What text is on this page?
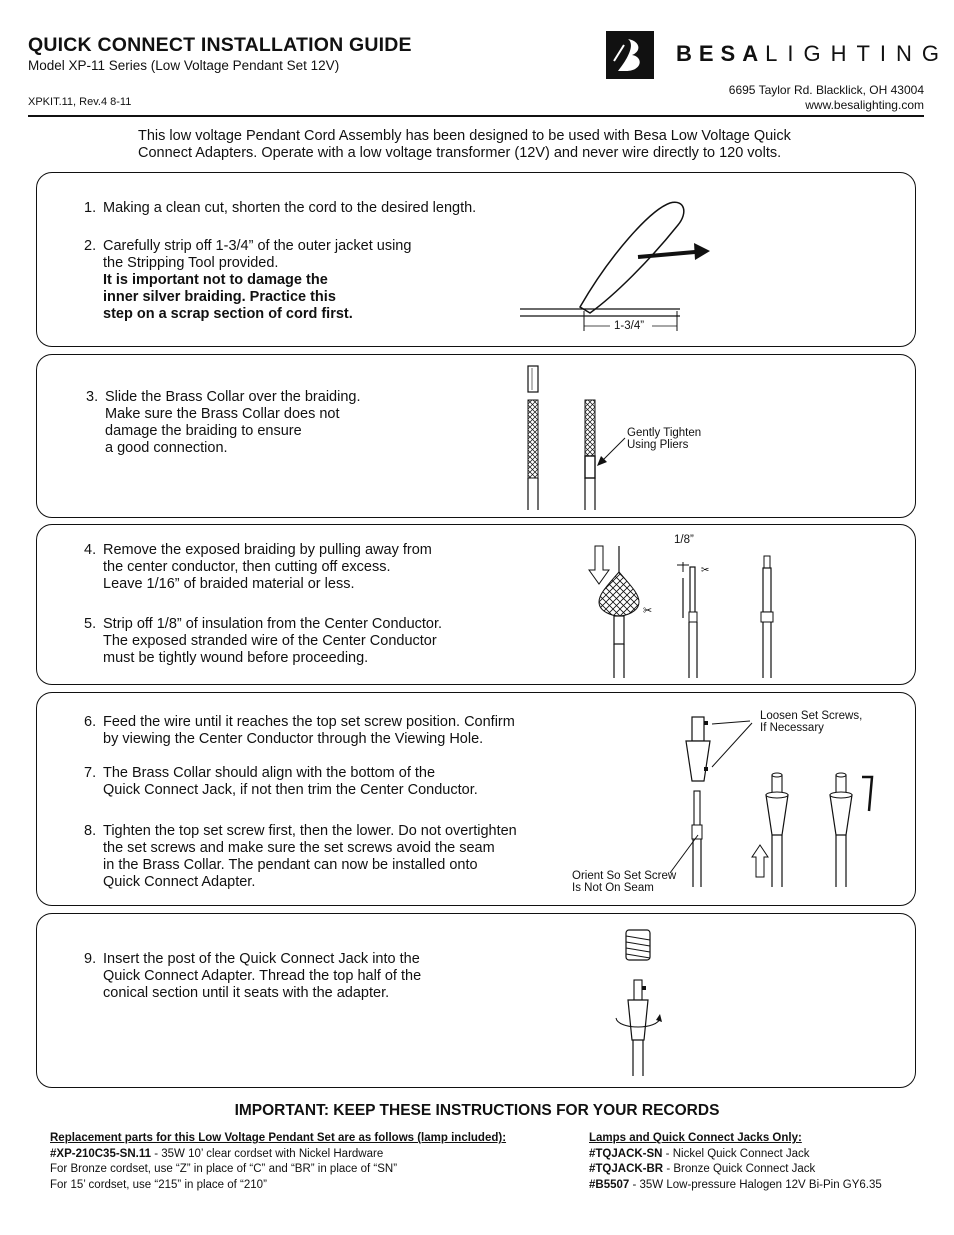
QUICK CONNECT INSTALLATION GUIDE
Model XP-11 Series (Low Voltage Pendant Set 12V)
XPKIT.11, Rev.4 8-11
BESALIGHTING
6695 Taylor Rd. Blacklick, OH 43004
www.besalighting.com
This low voltage Pendant Cord Assembly has been designed to be used with Besa Low Voltage Quick
Connect Adapters. Operate with a low voltage transformer (12V) and never wire directly to 120 volts.
1. Making a clean cut, shorten the cord to the desired length.
2. Carefully strip off 1-3/4” of the outer jacket using
the Stripping Tool provided.
It is important not to damage the
inner silver braiding. Practice this
step on a scrap section of cord first.
1-3/4”
3. Slide the Brass Collar over the braiding.
Make sure the Brass Collar does not
damage the braiding to ensure
a good connection.
Gently Tighten
Using Pliers
4. Remove the exposed braiding by pulling away from
the center conductor, then cutting off excess.
Leave 1/16” of braided material or less.
5. Strip off 1/8” of insulation from the Center Conductor.
The exposed stranded wire of the Center Conductor
must be tightly wound before proceeding.
✂
✂
1/8”
6. Feed the wire until it reaches the top set screw position. Confirm
by viewing the Center Conductor through the Viewing Hole.
7. The Brass Collar should align with the bottom of the
Quick Connect Jack, if not then trim the Center Conductor.
8. Tighten the top set screw first, then the lower. Do not overtighten
the set screws and make sure the set screws avoid the seam
in the Brass Collar. The pendant can now be installed onto
Quick Connect Adapter.
Loosen Set Screws,
If Necessary
Orient So Set Screw
Is Not On Seam
9. Insert the post of the Quick Connect Jack into the
Quick Connect Adapter. Thread the top half of the
conical section until it seats with the adapter.
IMPORTANT: KEEP THESE INSTRUCTIONS FOR YOUR RECORDS
Replacement parts for this Low Voltage Pendant Set are as follows (lamp included):
#XP-210C35-SN.11 - 35W 10’ clear cordset with Nickel Hardware
For Bronze cordset, use “Z” in place of “C” and “BR” in place of “SN”
For 15’ cordset, use “215” in place of “210”
Lamps and Quick Connect Jacks Only:
#TQJACK-SN - Nickel Quick Connect Jack
#TQJACK-BR - Bronze Quick Connect Jack
#B5507 - 35W Low-pressure Halogen 12V Bi-Pin GY6.35
